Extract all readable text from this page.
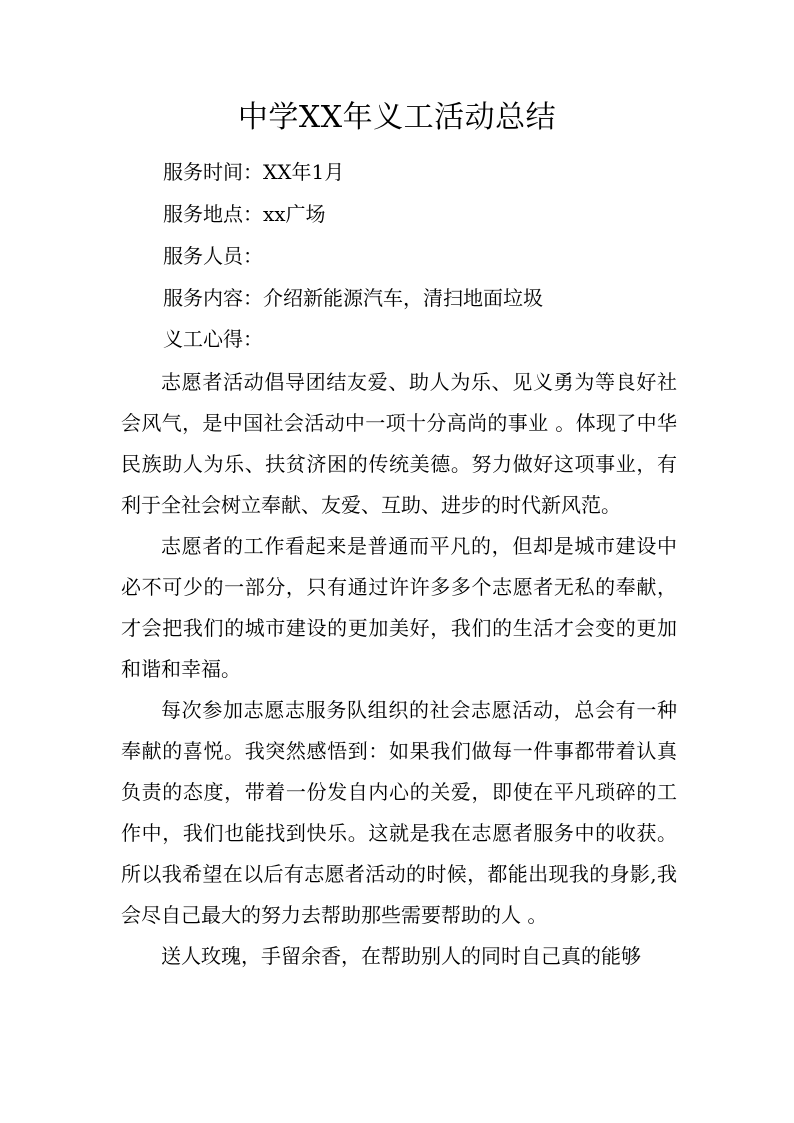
中学XX年义工活动总结
服务时间：XX年1月
服务地点：xx广场
服务人员：
服务内容：介绍新能源汽车，清扫地面垃圾
义工心得：

志愿者活动倡导团结友爱、助人为乐、见义勇为等良好社会风气，是中国社会活动中一项十分高尚的事业 。体现了中华民族助人为乐、扶贫济困的传统美德。努力做好这项事业，有利于全社会树立奉献、友爱、互助、进步的时代新风范。

志愿者的工作看起来是普通而平凡的，但却是城市建设中必不可少的一部分，只有通过许许多多个志愿者无私的奉献，才会把我们的城市建设的更加美好，我们的生活才会变的更加和谐和幸福。

每次参加志愿志服务队组织的社会志愿活动，总会有一种奉献的喜悦。我突然感悟到：如果我们做每一件事都带着认真负责的态度，带着一份发自内心的关爱，即使在平凡琐碎的工作中，我们也能找到快乐。这就是我在志愿者服务中的收获。所以我希望在以后有志愿者活动的时候，都能出现我的身影,我会尽自己最大的努力去帮助那些需要帮助的人 。

送人玫瑰，手留余香，在帮助别人的同时自己真的能够
